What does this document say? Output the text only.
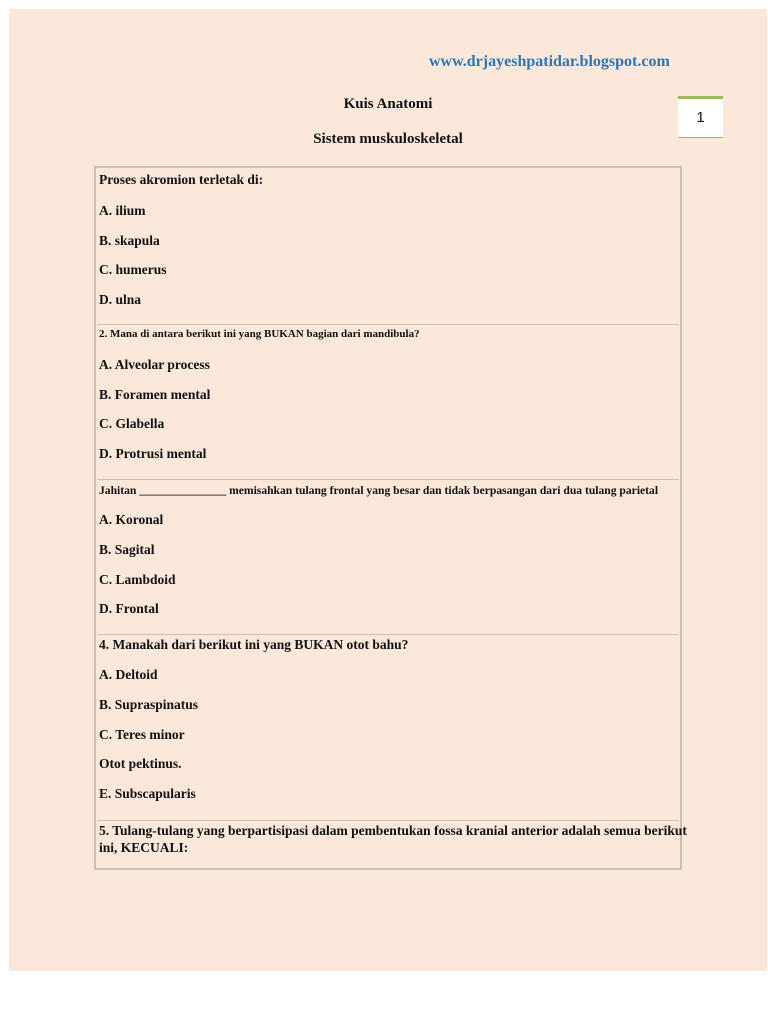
www.drjayeshpatidar.blogspot.com
1
Kuis Anatomi
Sistem muskuloskeletal
Proses akromion terletak di:
A. ilium
B. skapula
C. humerus
D. ulna
2. Mana di antara berikut ini yang BUKAN bagian dari mandibula?
A. Alveolar process
B. Foramen mental
C. Glabella
D. Protrusi mental
Jahitan _______________ memisahkan tulang frontal yang besar dan tidak berpasangan dari dua tulang parietal
A. Koronal
B. Sagital
C. Lambdoid
D. Frontal
4. Manakah dari berikut ini yang BUKAN otot bahu?
A. Deltoid
B. Supraspinatus
C. Teres minor
Otot pektinus.
E. Subscapularis
5. Tulang-tulang yang berpartisipasi dalam pembentukan fossa kranial anterior adalah semua berikut ini, KECUALI:
